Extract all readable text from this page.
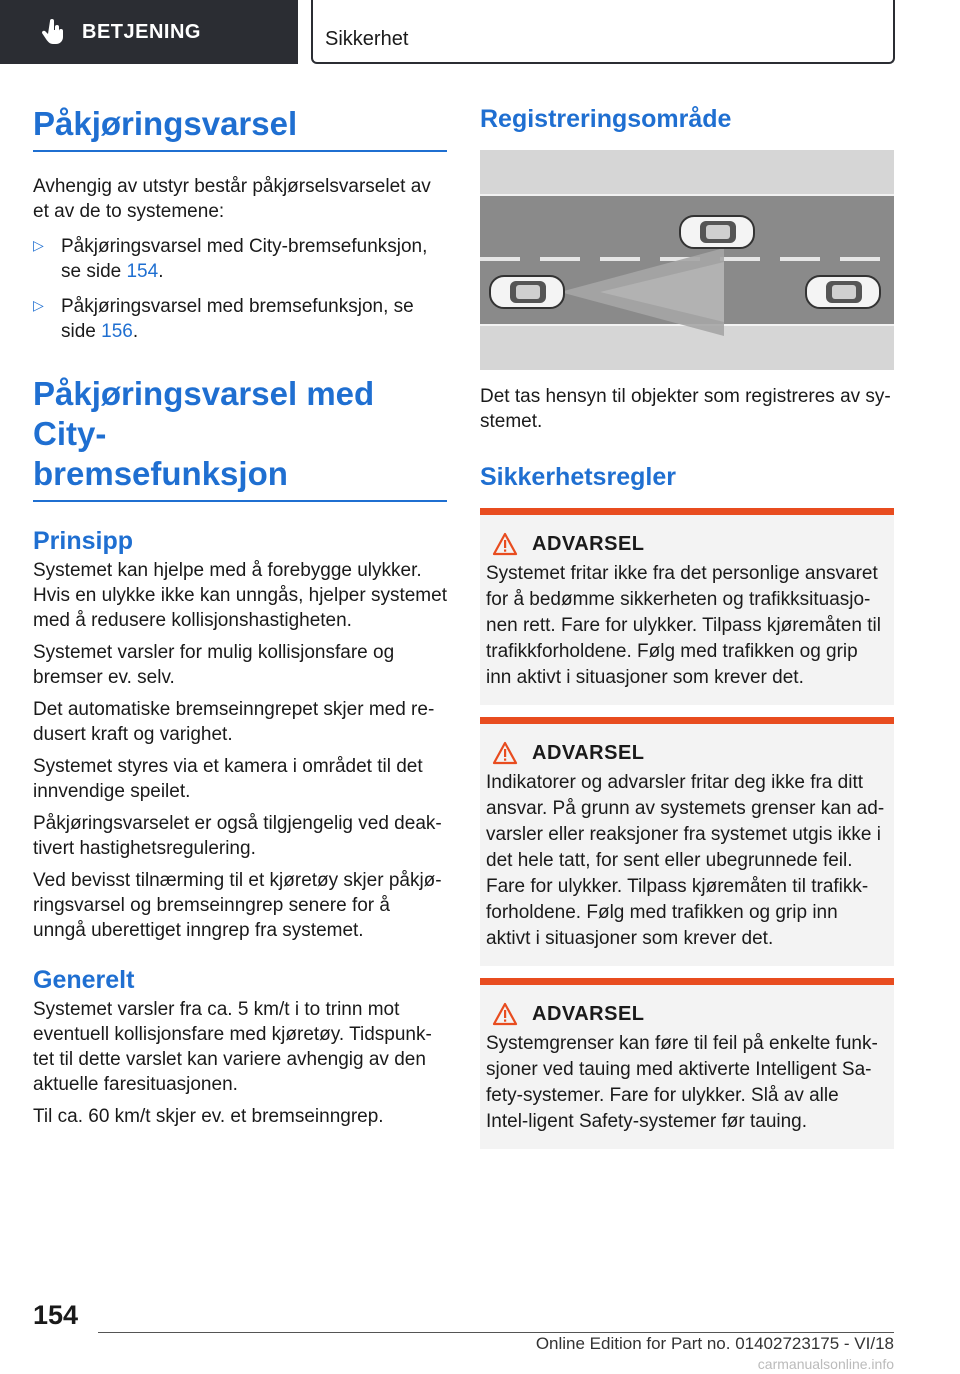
BETJENING	Sikkerhet
Påkjøringsvarsel

Avhengig av utstyr består påkjørselsvarselet av et av de to systemene:

▷ Påkjøringsvarsel med City-bremsefunksjon, se side 154.
▷ Påkjøringsvarsel med bremsefunksjon, se side 156.
Påkjøringsvarsel med City-
bremsefunksjon
Prinsipp

Systemet kan hjelpe med å forebygge ulykker. Hvis en ulykke ikke kan unngås, hjelper systemet med å redusere kollisjonshastigheten.

Systemet varsler for mulig kollisjonsfare og bremser ev. selv.

Det automatiske bremseinngrepet skjer med re-dusert kraft og varighet.

Systemet styres via et kamera i området til det innvendige speilet.

Påkjøringsvarselet er også tilgjengelig ved deak-tivert hastighetsregulering.

Ved bevisst tilnærming til et kjøretøy skjer påkjø-ringsvarsel og bremseinngrep senere for å unngå uberettiget inngrep fra systemet.

Generelt

Systemet varsler fra ca. 5 km/t i to trinn mot eventuell kollisjonsfare med kjøretøy. Tidspunk-tet til dette varslet kan variere avhengig av den aktuelle faresituasjonen.

Til ca. 60 km/t skjer ev. et bremseinngrep.

Registreringsområde

Det tas hensyn til objekter som registreres av sy-stemet.

Sikkerhetsregler
ADVARSEL
Systemet fritar ikke fra det personlige ansvaret for å bedømme sikkerheten og trafikksituasjo-nen rett. Fare for ulykker. Tilpass kjøremåten til trafikkforholdene. Følg med trafikken og grip inn aktivt i situasjoner som krever det.
ADVARSEL
Indikatorer og advarsler fritar deg ikke fra ditt ansvar. På grunn av systemets grenser kan ad-varsler eller reaksjoner fra systemet utgis ikke i det hele tatt, for sent eller ubegrunnede feil. Fare for ulykker. Tilpass kjøremåten til trafikk-forholdene. Følg med trafikken og grip inn aktivt i situasjoner som krever det.
ADVARSEL
Systemgrenser kan føre til feil på enkelte funk-sjoner ved tauing med aktiverte Intelligent Sa-fety-systemer. Fare for ulykker. Slå av alle Intel-ligent Safety-systemer før tauing.
154
Online Edition for Part no. 01402723175 - VI/18 carmanualsonline.info
